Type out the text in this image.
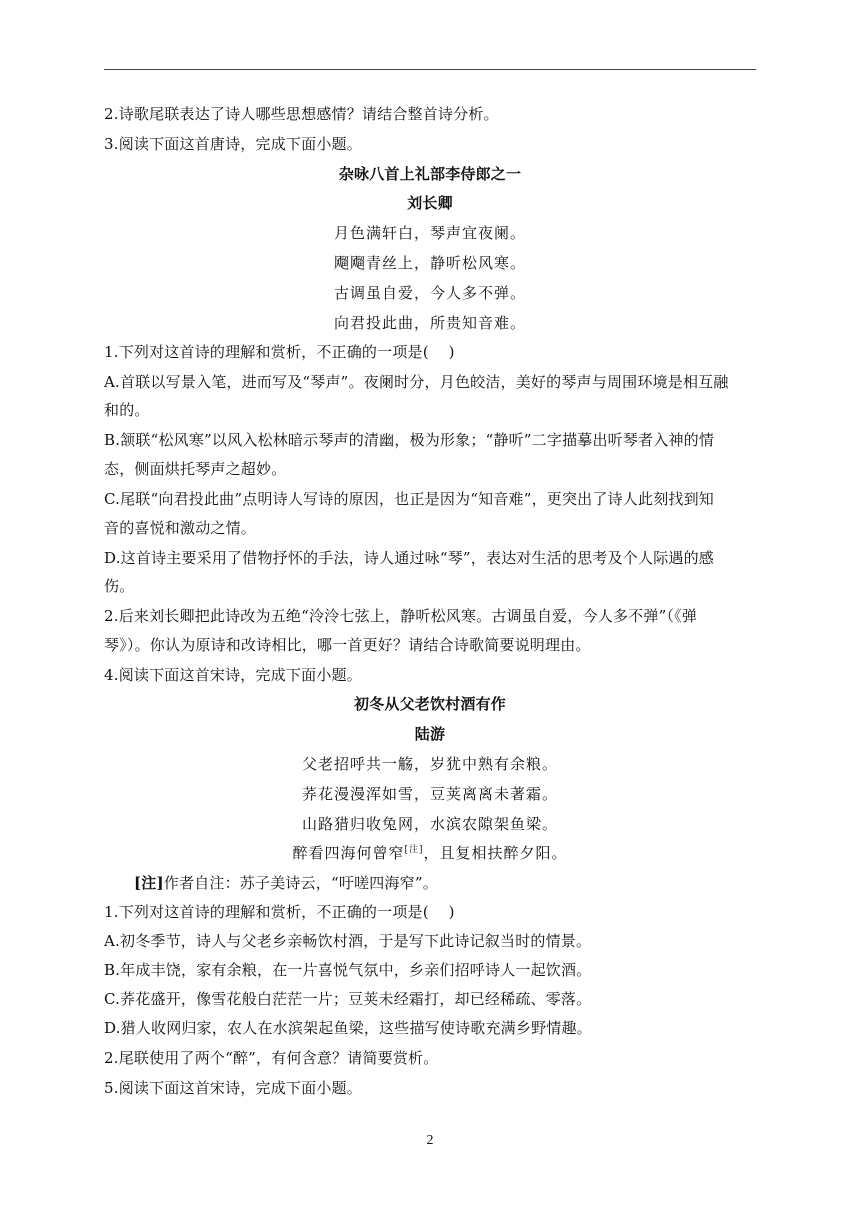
2.诗歌尾联表达了诗人哪些思想感情？请结合整首诗分析。
3.阅读下面这首唐诗，完成下面小题。
杂咏八首上礼部李侍郎之一
刘长卿
月色满轩白，琴声宜夜阑。
飗飗青丝上，静听松风寒。
古调虽自爱，今人多不弹。
向君投此曲，所贵知音难。
1.下列对这首诗的理解和赏析，不正确的一项是(    )
A.首联以写景入笔，进而写及“琴声”。夜阑时分，月色皎洁，美好的琴声与周围环境是相互融
和的。
B.颔联“松风寒”以风入松林暗示琴声的清幽，极为形象；“静听”二字描摹出听琴者入神的情
态，侧面烘托琴声之超妙。
C.尾联“向君投此曲”点明诗人写诗的原因，也正是因为“知音难”，更突出了诗人此刻找到知
音的喜悦和激动之情。
D.这首诗主要采用了借物抒怀的手法，诗人通过咏“琴”，表达对生活的思考及个人际遇的感
伤。
2.后来刘长卿把此诗改为五绝“泠泠七弦上，静听松风寒。古调虽自爱，今人多不弹”（《弹
琴》）。你认为原诗和改诗相比，哪一首更好？请结合诗歌简要说明理由。
4.阅读下面这首宋诗，完成下面小题。
初冬从父老饮村酒有作
陆游
父老招呼共一觞，岁犹中熟有余粮。
荞花漫漫浑如雪，豆荚离离未著霜。
山路猎归收兔网，水滨农隙架鱼梁。
醉看四海何曾窄[注]，且复相扶醉夕阳。
[注]作者自注：苏子美诗云，“吁嗟四海窄”。
1.下列对这首诗的理解和赏析，不正确的一项是(    )
A.初冬季节，诗人与父老乡亲畅饮村酒，于是写下此诗记叙当时的情景。
B.年成丰饶，家有余粮，在一片喜悦气氛中，乡亲们招呼诗人一起饮酒。
C.荞花盛开，像雪花般白茫茫一片；豆荚未经霜打，却已经稀疏、零落。
D.猎人收网归家，农人在水滨架起鱼梁，这些描写使诗歌充满乡野情趣。
2.尾联使用了两个“醉”，有何含意？请简要赏析。
5.阅读下面这首宋诗，完成下面小题。
2
